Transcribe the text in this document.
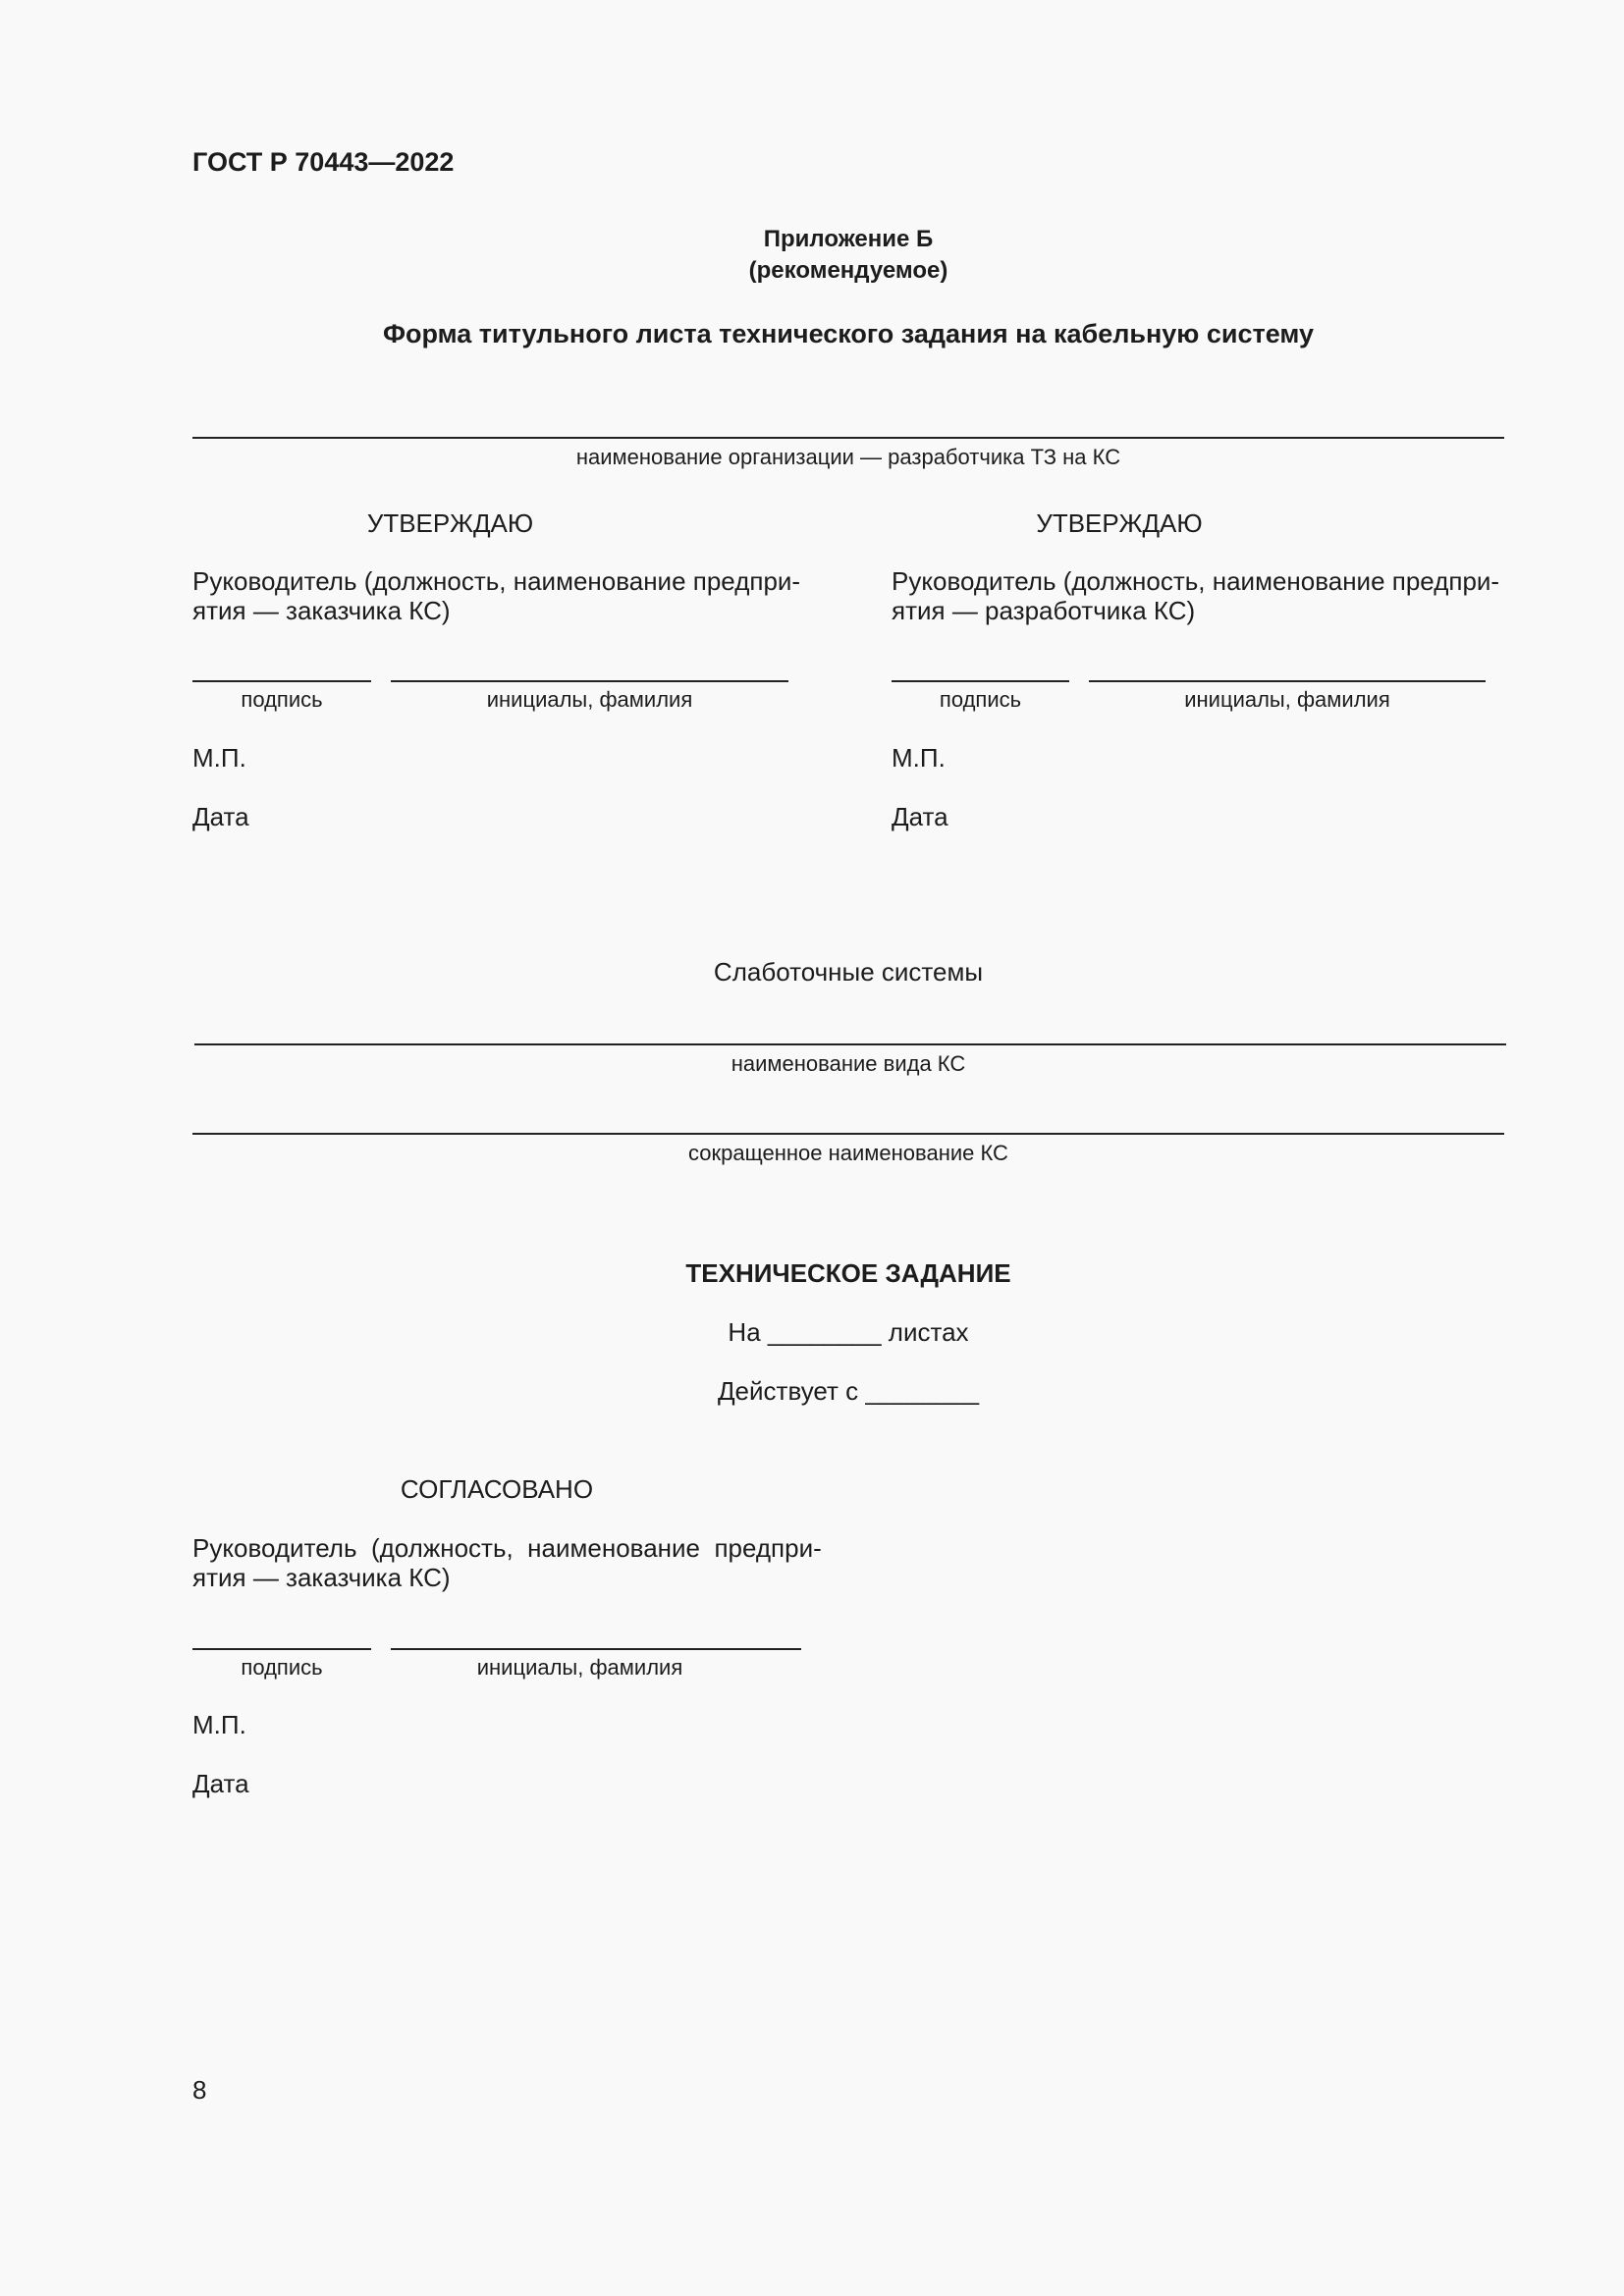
ГОСТ Р 70443—2022
Приложение Б
(рекомендуемое)
Форма титульного листа технического задания на кабельную систему
наименование организации — разработчика ТЗ на КС
УТВЕРЖДАЮ
Руководитель (должность, наименование предпри-
ятия — заказчика КС)
подпись	инициалы, фамилия
М.П.
Дата
УТВЕРЖДАЮ
Руководитель (должность, наименование предпри-
ятия — разработчика КС)
подпись	инициалы, фамилия
М.П.
Дата
Слаботочные системы
наименование вида КС
сокращенное наименование КС
ТЕХНИЧЕСКОЕ ЗАДАНИЕ
На ________ листах
Действует с ________
СОГЛАСОВАНО
Руководитель  (должность,  наименование  предпри-
ятия — заказчика КС)
подпись	инициалы, фамилия
М.П.
Дата
8
